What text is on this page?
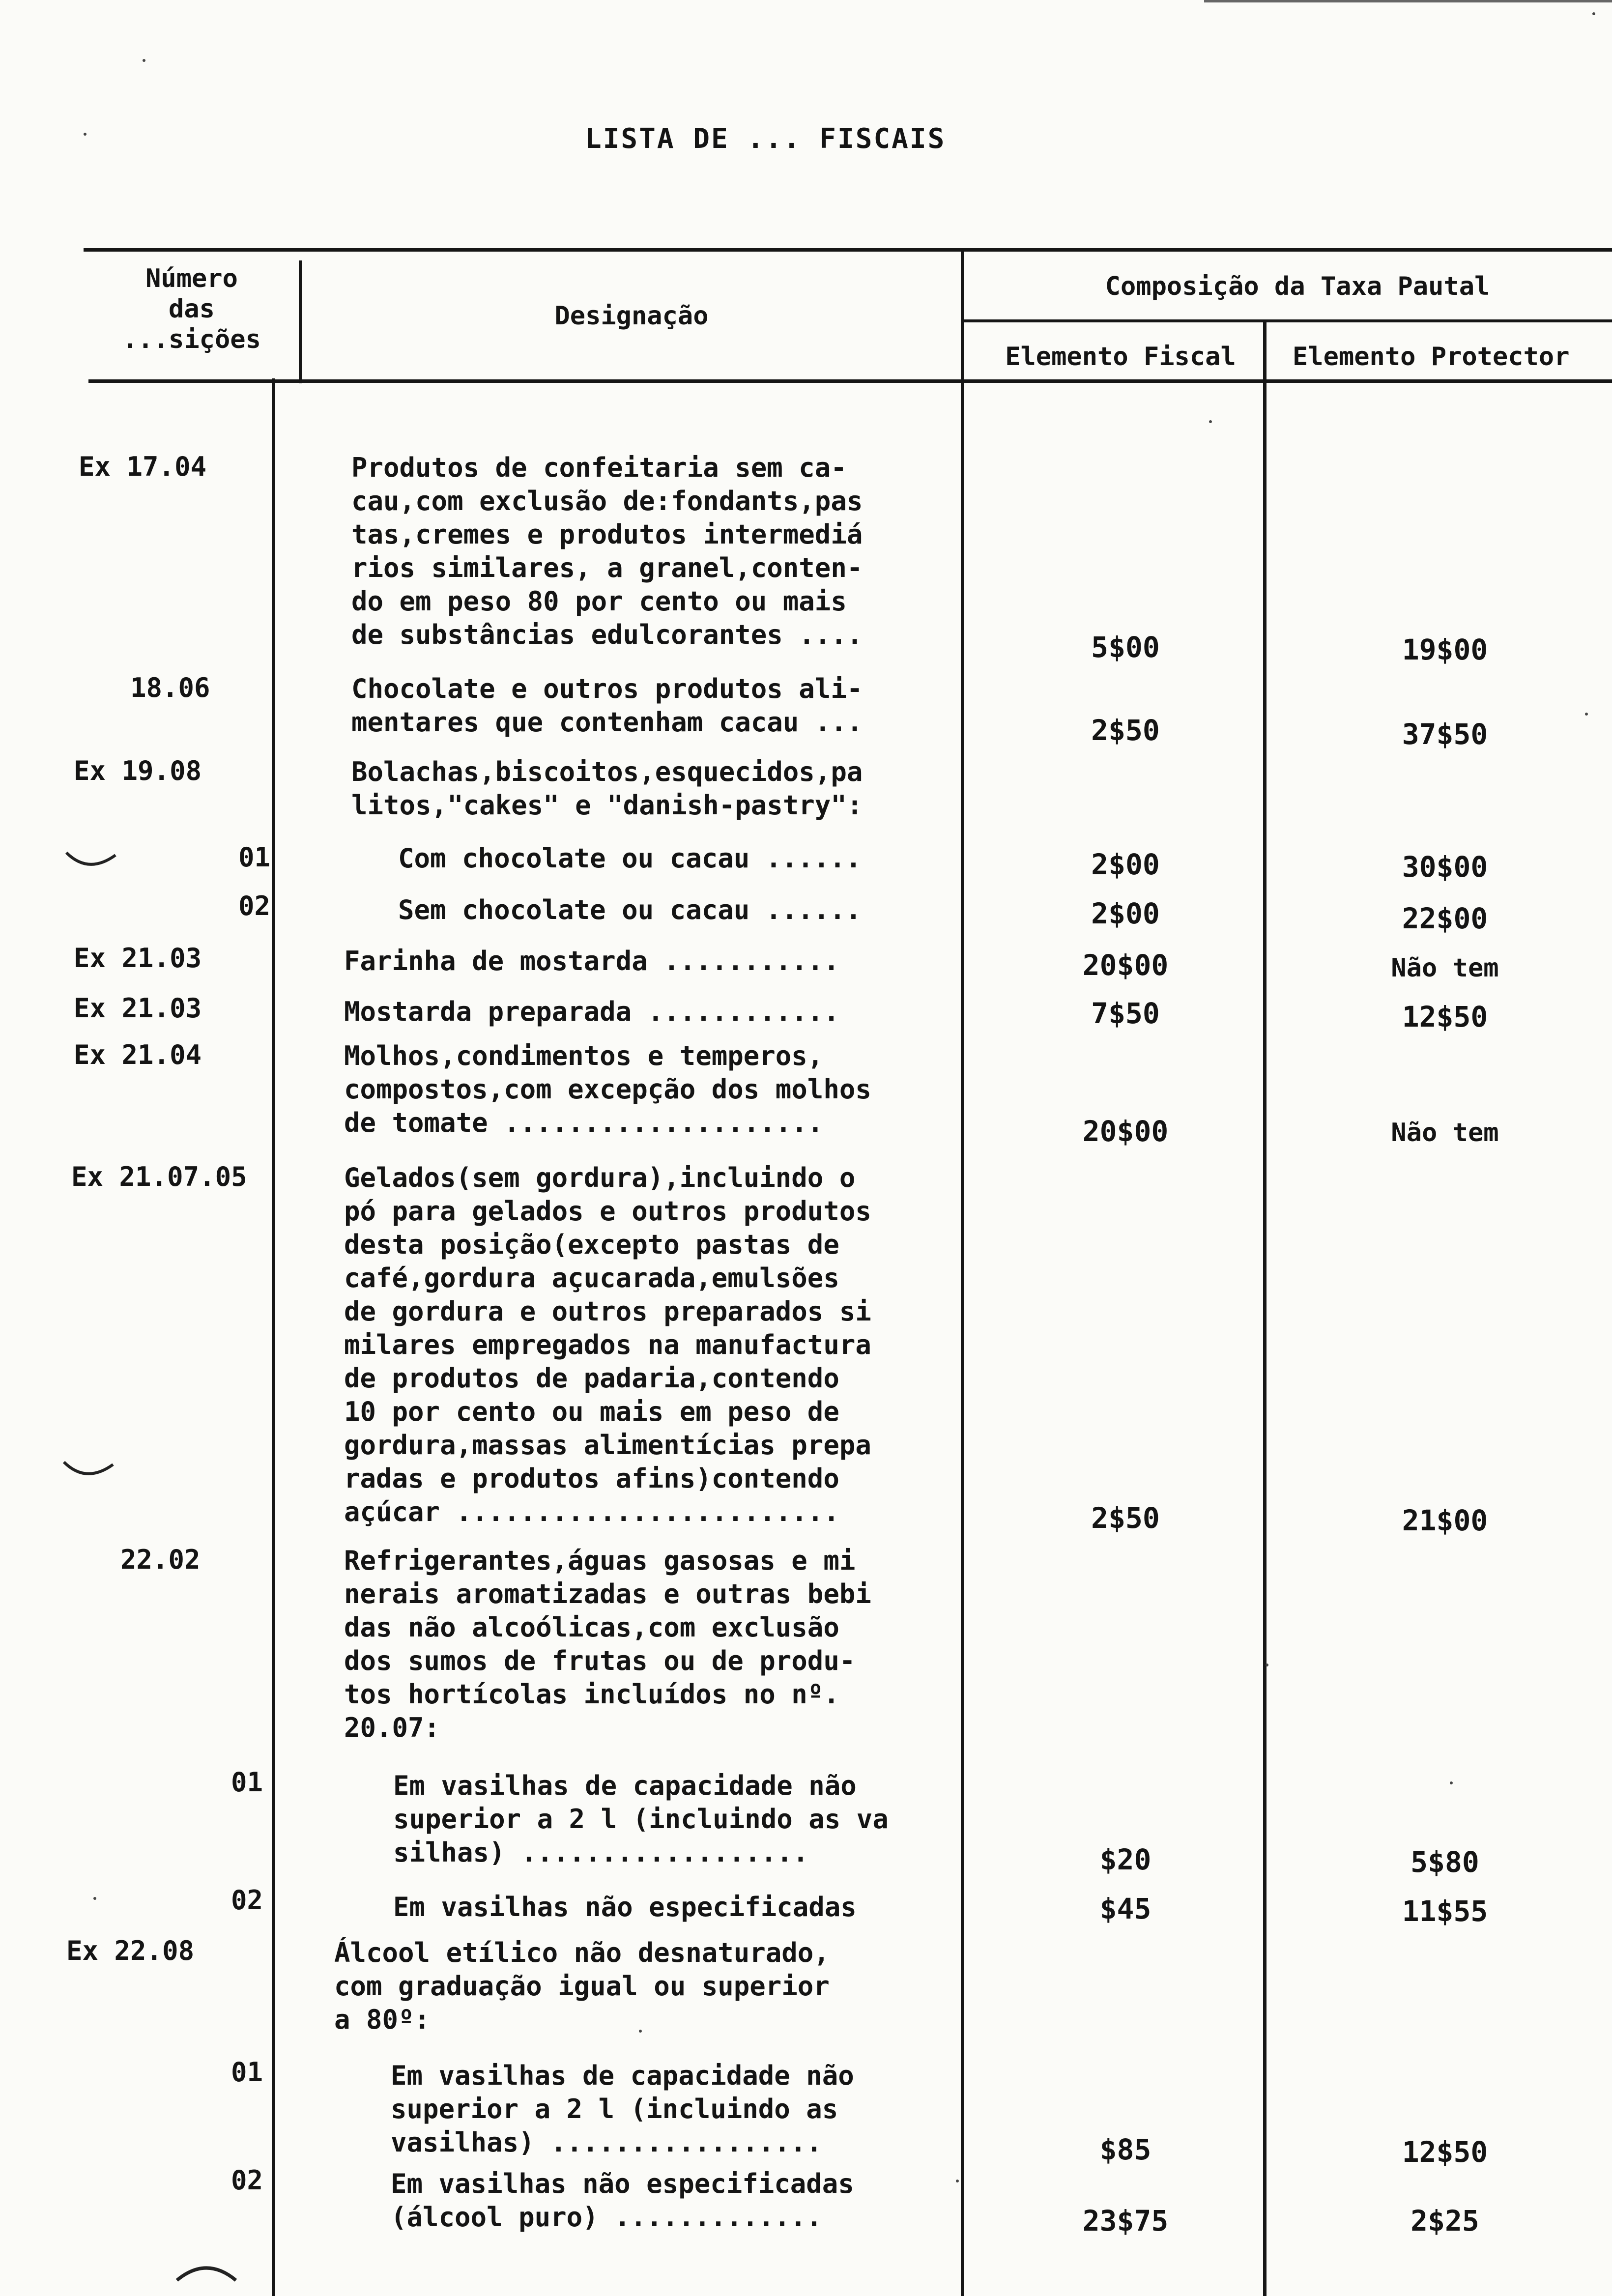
LISTA DE ... FISCAIS
Número
das
...sições
Designação
Composição da Taxa Pautal
Elemento Fiscal	Elemento Protector
Ex 17.04	Produtos de confeitaria sem ca-
cau,com exclusão de:fondants,pas
tas,cremes e produtos intermediá
rios similares, a granel,conten-
do em peso 80 por cento ou mais
de substâncias edulcorantes ....	5$00	19$00
18.06	Chocolate e outros produtos ali-
mentares que contenham cacau ...	2$50	37$50
Ex 19.08	Bolachas,biscoitos,esquecidos,pa
litos,"cakes" e "danish-pastry":
01	Com chocolate ou cacau ......	2$00	30$00
02	Sem chocolate ou cacau ......	2$00	22$00
Ex 21.03	Farinha de mostarda ...........	20$00	Não tem
Ex 21.03	Mostarda preparada ............	7$50	12$50
Ex 21.04	Molhos,condimentos e temperos,
compostos,com excepção dos molhos
de tomate ....................	20$00	Não tem
Ex 21.07.05	Gelados(sem gordura),incluindo o
pó para gelados e outros produtos
desta posição(excepto pastas de
café,gordura açucarada,emulsões
de gordura e outros preparados si
milares empregados na manufactura
de produtos de padaria,contendo
10 por cento ou mais em peso de
gordura,massas alimentícias prepa
radas e produtos afins)contendo
açúcar ........................	2$50	21$00
22.02	Refrigerantes,águas gasosas e mi
nerais aromatizadas e outras bebi
das não alcoólicas,com exclusão
dos sumos de frutas ou de produ-
tos hortícolas incluídos no nº.
20.07:
01	Em vasilhas de capacidade não
superior a 2 l (incluindo as va
silhas) ..................	$20	5$80
02	Em vasilhas não especificadas	$45	11$55
Ex 22.08	Álcool etílico não desnaturado,
com graduação igual ou superior
a 80º:
01	Em vasilhas de capacidade não
superior a 2 l (incluindo as
vasilhas) .................	$85	12$50
02	Em vasilhas não especificadas
(álcool puro) .............	23$75	2$25
